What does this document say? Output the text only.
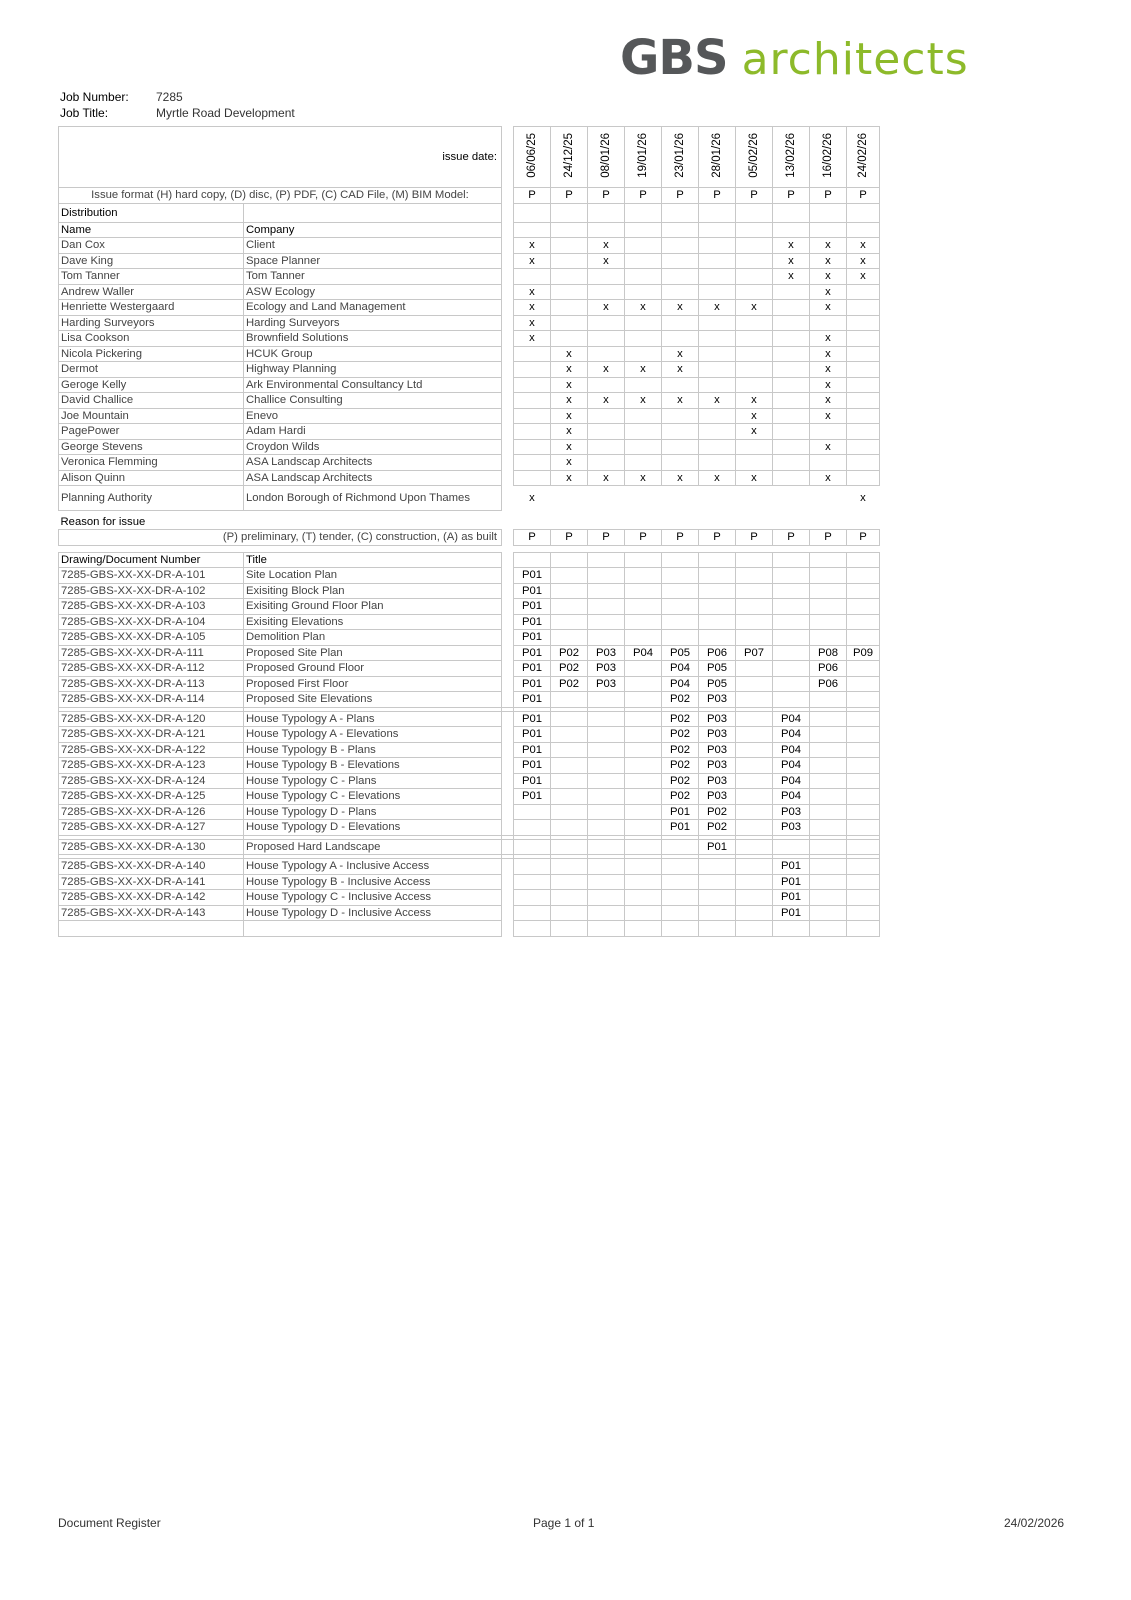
GBS architects
Job Number: 7285
Job Title:	Myrtle Road Development
issue date:			06/06/25	24/12/25	08/01/26	19/01/26	23/01/26	28/01/26	05/02/26	13/02/26	16/02/26	24/02/26
Issue format (H) hard copy, (D) disc, (P) PDF, (C) CAD File, (M) BIM Model:			P	P	P	P	P	P	P	P	P	P
Distribution												
Name	Company											
Dan Cox	Client		x		x					x	x	x
Dave King	Space Planner		x		x					x	x	x
Tom Tanner	Tom Tanner									x	x	x
Andrew Waller	ASW Ecology		x								x	
Henriette Westergaard	Ecology and Land Management		x		x	x	x	x	x		x	
Harding Surveyors	Harding Surveyors		x									
Lisa Cookson	Brownfield Solutions		x								x	
Nicola Pickering	HCUK Group			x			x				x	
Dermot	Highway Planning			x	x	x	x				x	
Geroge Kelly	Ark Environmental Consultancy Ltd			x							x	
David Challice	Challice Consulting			x	x	x	x	x	x		x	
Joe Mountain	Enevo			x					x		x	
PagePower	Adam Hardi			x					x			
George Stevens	Croydon Wilds			x							x	
Veronica Flemming	ASA Landscap Architects			x								
Alison Quinn	ASA Landscap Architects			x	x	x	x	x	x		x	
Planning Authority	London Borough of Richmond Upon Thames		x									x
Reason for issue												
(P) preliminary, (T) tender, (C) construction, (A) as built			P	P	P	P	P	P	P	P	P	P

Drawing/Document Number	Title											
7285-GBS-XX-XX-DR-A-101	Site Location Plan		P01									
7285-GBS-XX-XX-DR-A-102	Exisiting Block Plan		P01									
7285-GBS-XX-XX-DR-A-103	Exisiting Ground Floor Plan		P01									
7285-GBS-XX-XX-DR-A-104	Exisiting Elevations		P01									
7285-GBS-XX-XX-DR-A-105	Demolition Plan		P01									
7285-GBS-XX-XX-DR-A-111	Proposed Site Plan		P01	P02	P03	P04	P05	P06	P07		P08	P09
7285-GBS-XX-XX-DR-A-112	Proposed Ground Floor		P01	P02	P03		P04	P05			P06	
7285-GBS-XX-XX-DR-A-113	Proposed First Floor		P01	P02	P03		P04	P05			P06	
7285-GBS-XX-XX-DR-A-114	Proposed Site Elevations		P01				P02	P03				

7285-GBS-XX-XX-DR-A-120	House Typology A - Plans		P01				P02	P03		P04		
7285-GBS-XX-XX-DR-A-121	House Typology A - Elevations		P01				P02	P03		P04		
7285-GBS-XX-XX-DR-A-122	House Typology B - Plans		P01				P02	P03		P04		
7285-GBS-XX-XX-DR-A-123	House Typology B - Elevations		P01				P02	P03		P04		
7285-GBS-XX-XX-DR-A-124	House Typology C - Plans		P01				P02	P03		P04		
7285-GBS-XX-XX-DR-A-125	House Typology C - Elevations		P01				P02	P03		P04		
7285-GBS-XX-XX-DR-A-126	House Typology D - Plans						P01	P02		P03		
7285-GBS-XX-XX-DR-A-127	House Typology D - Elevations						P01	P02		P03		

7285-GBS-XX-XX-DR-A-130	Proposed Hard Landscape							P01				

7285-GBS-XX-XX-DR-A-140	House Typology A - Inclusive Access									P01		
7285-GBS-XX-XX-DR-A-141	House Typology B - Inclusive Access									P01		
7285-GBS-XX-XX-DR-A-142	House Typology C - Inclusive Access									P01		
7285-GBS-XX-XX-DR-A-143	House Typology D - Inclusive Access									P01		

Document Register	Page 1 of 1	24/02/2026
